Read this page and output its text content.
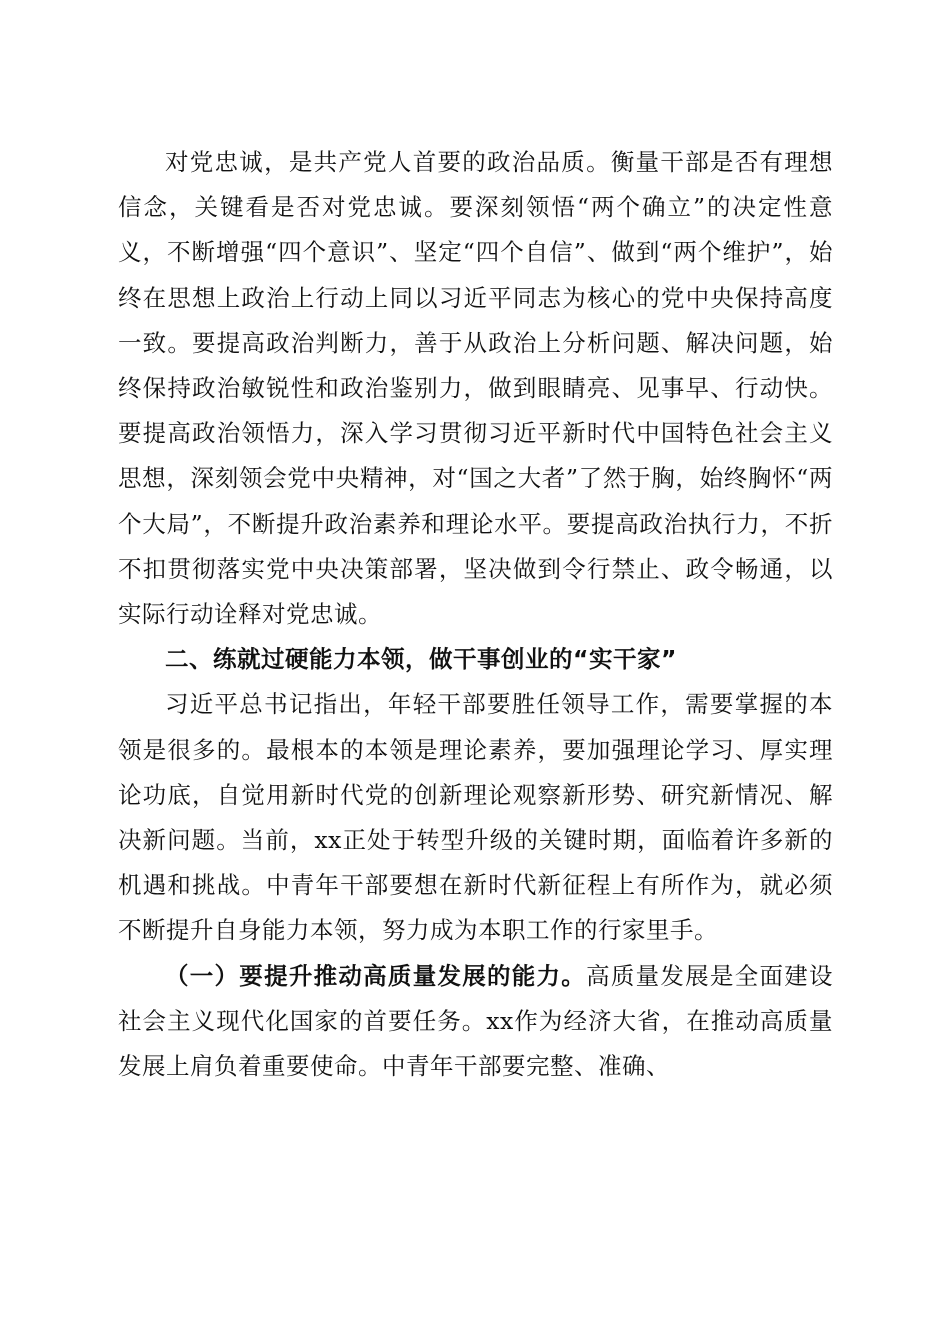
对党忠诚，是共产党人首要的政治品质。衡量干部是否有理想信念，关键看是否对党忠诚。要深刻领悟“两个确立”的决定性意义，不断增强“四个意识”、坚定“四个自信”、做到“两个维护”，始终在思想上政治上行动上同以习近平同志为核心的党中央保持高度一致。要提高政治判断力，善于从政治上分析问题、解决问题，始终保持政治敏锐性和政治鉴别力，做到眼睛亮、见事早、行动快。要提高政治领悟力，深入学习贯彻习近平新时代中国特色社会主义思想，深刻领会党中央精神，对“国之大者”了然于胸，始终胸怀“两个大局”，不断提升政治素养和理论水平。要提高政治执行力，不折不扣贯彻落实党中央决策部署，坚决做到令行禁止、政令畅通，以实际行动诠释对党忠诚。

二、练就过硬能力本领，做干事创业的“实干家”

习近平总书记指出，年轻干部要胜任领导工作，需要掌握的本领是很多的。最根本的本领是理论素养，要加强理论学习、厚实理论功底，自觉用新时代党的创新理论观察新形势、研究新情况、解决新问题。当前，xx正处于转型升级的关键时期，面临着许多新的机遇和挑战。中青年干部要想在新时代新征程上有所作为，就必须不断提升自身能力本领，努力成为本职工作的行家里手。

（一）要提升推动高质量发展的能力。高质量发展是全面建设社会主义现代化国家的首要任务。xx作为经济大省，在推动高质量发展上肩负着重要使命。中青年干部要完整、准确、
